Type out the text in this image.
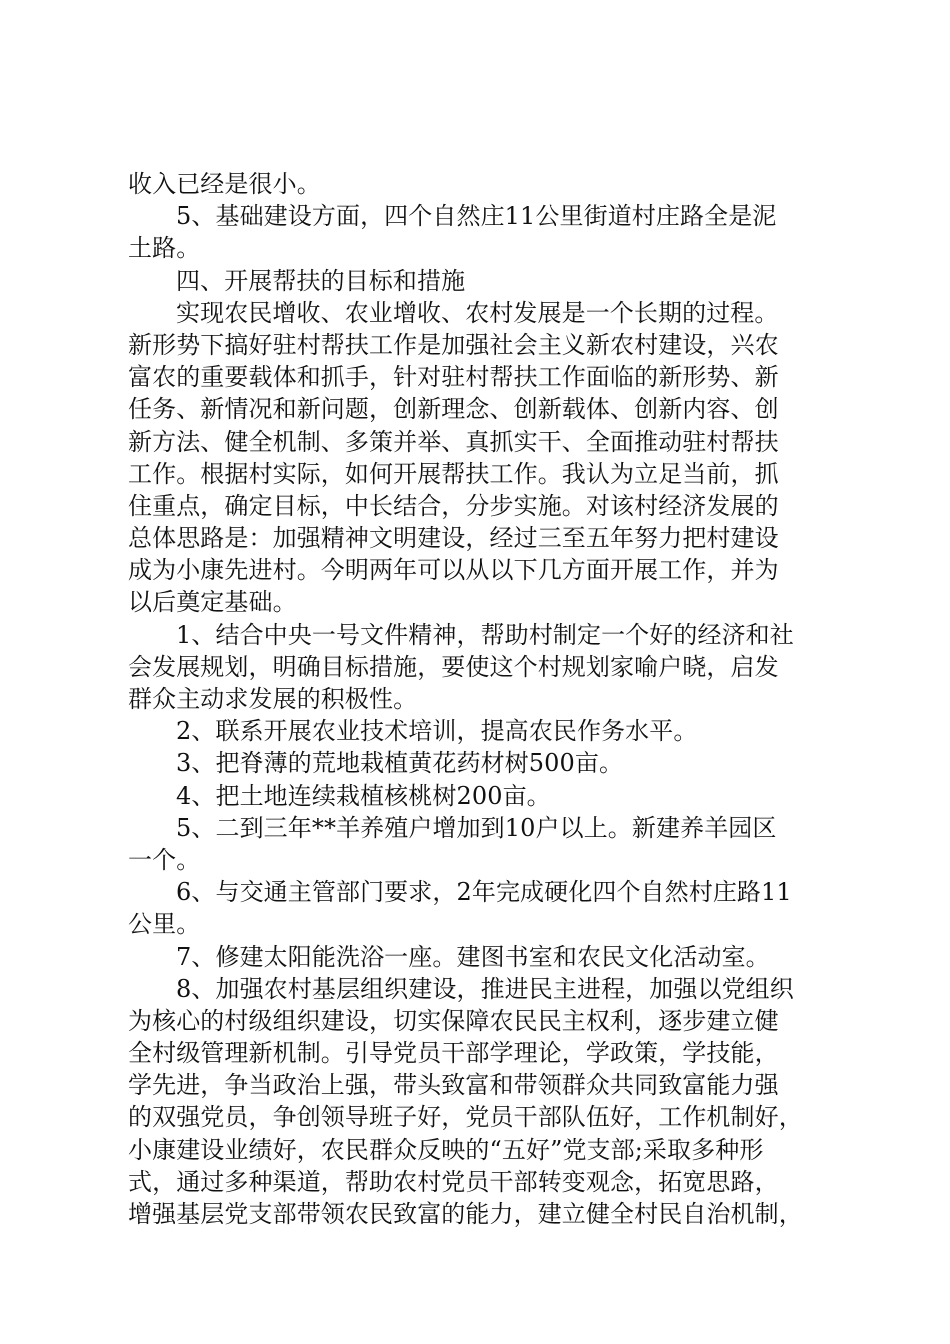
收入已经是很小。
5、基础建设方面，四个自然庄11公里街道村庄路全是泥
土路。
四、开展帮扶的目标和措施
实现农民增收、农业增收、农村发展是一个长期的过程。
新形势下搞好驻村帮扶工作是加强社会主义新农村建设，兴农
富农的重要载体和抓手，针对驻村帮扶工作面临的新形势、新
任务、新情况和新问题，创新理念、创新载体、创新内容、创
新方法、健全机制、多策并举、真抓实干、全面推动驻村帮扶
工作。根据村实际，如何开展帮扶工作。我认为立足当前，抓
住重点，确定目标，中长结合，分步实施。对该村经济发展的
总体思路是：加强精神文明建设，经过三至五年努力把村建设
成为小康先进村。今明两年可以从以下几方面开展工作，并为
以后奠定基础。
1、结合中央一号文件精神，帮助村制定一个好的经济和社
会发展规划，明确目标措施，要使这个村规划家喻户晓，启发
群众主动求发展的积极性。
2、联系开展农业技术培训，提高农民作务水平。
3、把脊薄的荒地栽植黄花药材树500亩。
4、把土地连续栽植核桃树200亩。
5、二到三年**羊养殖户增加到10户以上。新建养羊园区
一个。
6、与交通主管部门要求，2年完成硬化四个自然村庄路11
公里。
7、修建太阳能洗浴一座。建图书室和农民文化活动室。
8、加强农村基层组织建设，推进民主进程，加强以党组织
为核心的村级组织建设，切实保障农民民主权利，逐步建立健
全村级管理新机制。引导党员干部学理论，学政策，学技能，
学先进，争当政治上强，带头致富和带领群众共同致富能力强
的双强党员，争创领导班子好，党员干部队伍好，工作机制好，
小康建设业绩好，农民群众反映的“五好”党支部;采取多种形
式，通过多种渠道，帮助农村党员干部转变观念，拓宽思路，
增强基层党支部带领农民致富的能力，建立健全村民自治机制，
